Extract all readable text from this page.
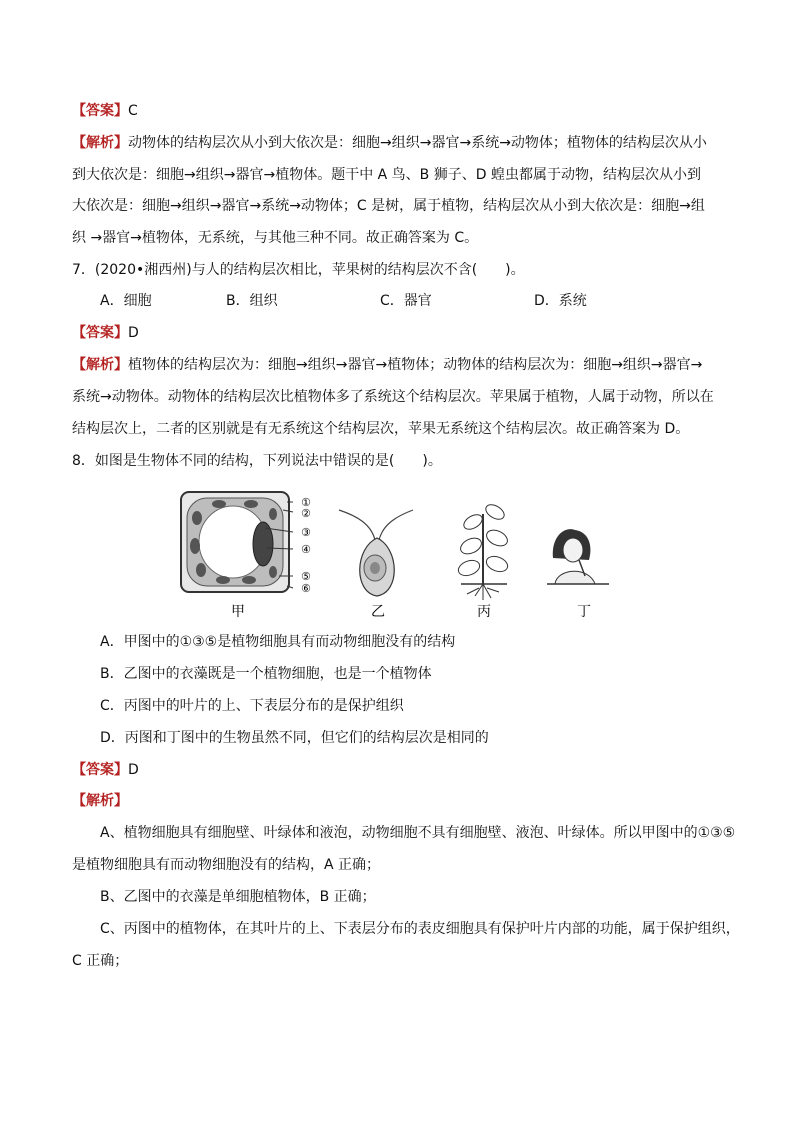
【答案】C
【解析】动物体的结构层次从小到大依次是：细胞→组织→器官→系统→动物体；植物体的结构层次从小
到大依次是：细胞→组织→器官→植物体。题干中 A 鸟、B 狮子、D 蝗虫都属于动物，结构层次从小到
大依次是：细胞→组织→器官→系统→动物体；C 是树，属于植物，结构层次从小到大依次是：细胞→组
织 →器官→植物体，无系统，与其他三种不同。故正确答案为 C。
7．(2020•湘西州)与人的结构层次相比，苹果树的结构层次不含(　　)。
A．细胞	B．组织	C．器官	D．系统
【答案】D
【解析】植物体的结构层次为：细胞→组织→器官→植物体；动物体的结构层次为：细胞→组织→器官→
系统→动物体。动物体的结构层次比植物体多了系统这个结构层次。苹果属于植物，人属于动物，所以在
结构层次上，二者的区别就是有无系统这个结构层次，苹果无系统这个结构层次。故正确答案为 D。
8．如图是生物体不同的结构，下列说法中错误的是(　　)。
①
②
③
④
⑤
⑥
甲	乙	丙	丁
A．甲图中的①③⑤是植物细胞具有而动物细胞没有的结构
B．乙图中的衣藻既是一个植物细胞，也是一个植物体
C．丙图中的叶片的上、下表层分布的是保护组织
D．丙图和丁图中的生物虽然不同，但它们的结构层次是相同的
【答案】D
【解析】
A、植物细胞具有细胞壁、叶绿体和液泡，动物细胞不具有细胞壁、液泡、叶绿体。所以甲图中的①③⑤
是植物细胞具有而动物细胞没有的结构，A 正确；
B、乙图中的衣藻是单细胞植物体，B 正确；
C、丙图中的植物体，在其叶片的上、下表层分布的表皮细胞具有保护叶片内部的功能，属于保护组织，
C 正确；
